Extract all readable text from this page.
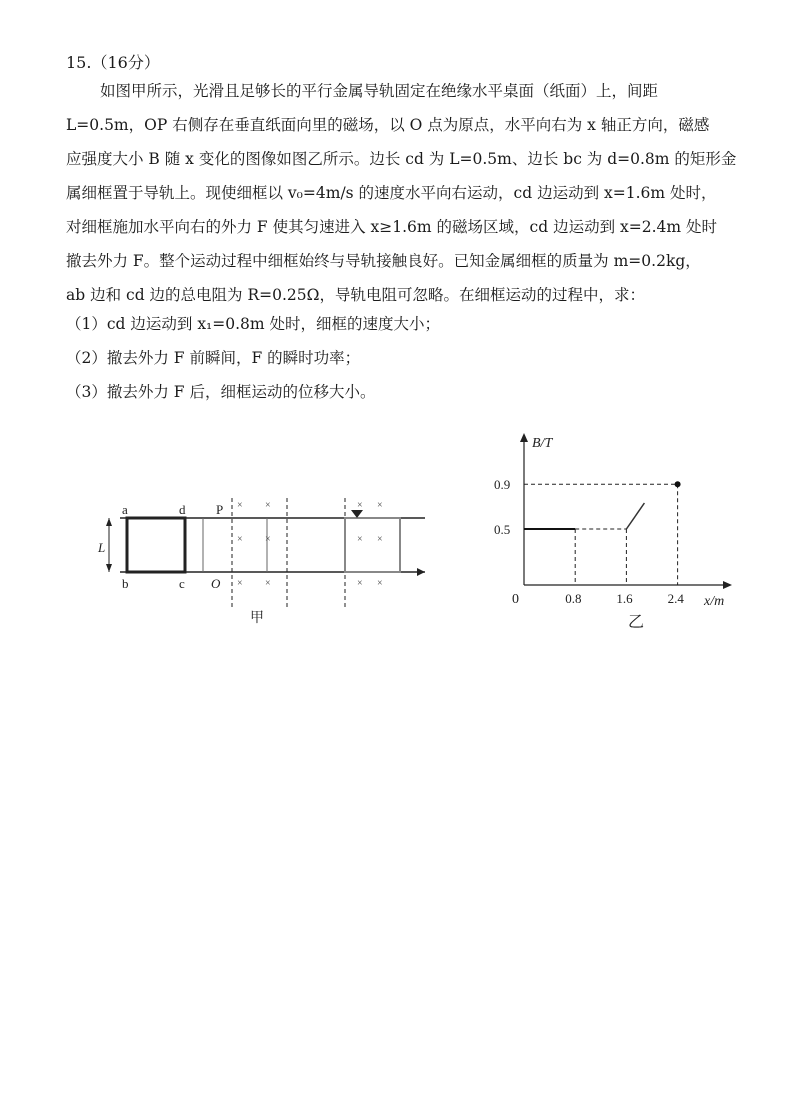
15.（16分）
如图甲所示，光滑且足够长的平行金属导轨固定在绝缘水平桌面（纸面）上，间距
L=0.5m，OP 右侧存在垂直纸面向里的磁场，以 O 点为原点，水平向右为 x 轴正方向，磁感
应强度大小 B 随 x 变化的图像如图乙所示。边长 cd 为 L=0.5m、边长 bc 为 d=0.8m 的矩形金
属细框置于导轨上。现使细框以 v₀=4m/s 的速度水平向右运动，cd 边运动到 x=1.6m 处时，
对细框施加水平向右的外力 F 使其匀速进入 x≥1.6m 的磁场区域，cd 边运动到 x=2.4m 处时
撤去外力 F。整个运动过程中细框始终与导轨接触良好。已知金属细框的质量为 m=0.2kg，
ab 边和 cd 边的总电阻为 R=0.25Ω，导轨电阻可忽略。在细框运动的过程中，求：
（1）cd 边运动到 x₁=0.8m 处时，细框的速度大小；
（2）撤去外力 F 前瞬间，F 的瞬时功率；
（3）撤去外力 F 后，细框运动的位移大小。
a	d P
b	c O
L
× ×
× ×
× ×
× ×
× ×
× ×
甲
B/T
x/m
0
0.5
0.9
0.8	1.6	2.4
乙
